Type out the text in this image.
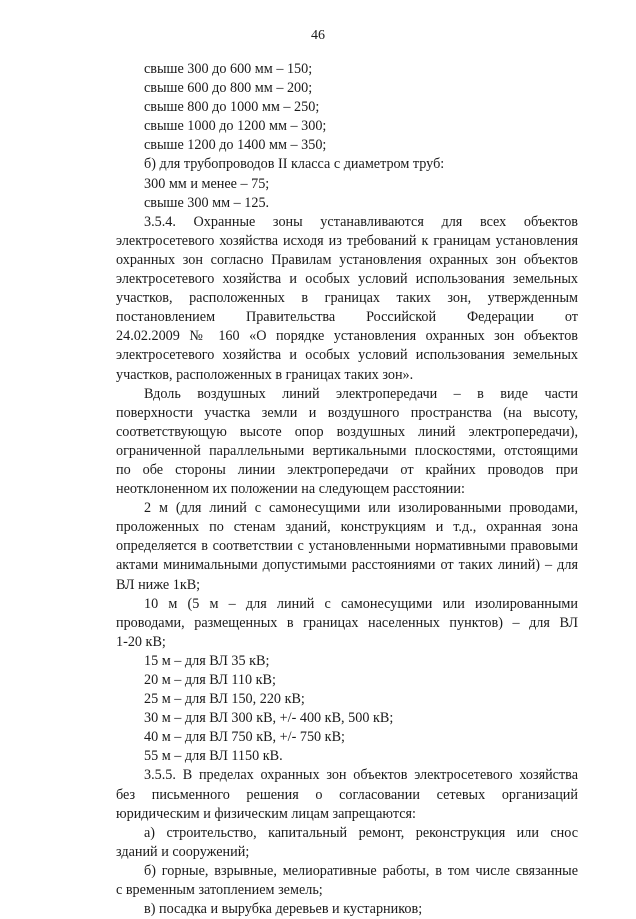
46

свыше 300 до 600 мм – 150;

свыше 600 до 800 мм – 200;

свыше 800 до 1000 мм – 250;

свыше 1000 до 1200 мм – 300;

свыше 1200 до 1400 мм – 350;

б) для трубопроводов II класса с диаметром труб:

300 мм и менее – 75;

свыше 300 мм – 125.

3.5.4. Охранные зоны устанавливаются для всех объектов

электросетевого хозяйства исходя из требований к границам установления

охранных зон согласно Правилам установления охранных зон объектов

электросетевого хозяйства и особых условий использования земельных

участков, расположенных в границах таких зон, утвержденным

постановлением Правительства Российской Федерации от

24.02.2009 № 160 «О порядке установления охранных зон объектов

электросетевого хозяйства и особых условий использования земельных

участков, расположенных в границах таких зон».

Вдоль воздушных линий электропередачи – в виде части

поверхности участка земли и воздушного пространства (на высоту,

соответствующую высоте опор воздушных линий электропередачи),

ограниченной параллельными вертикальными плоскостями, отстоящими

по обе стороны линии электропередачи от крайних проводов при

неотклоненном их положении на следующем расстоянии:

2 м (для линий с самонесущими или изолированными проводами,

проложенных по стенам зданий, конструкциям и т.д., охранная зона

определяется в соответствии с установленными нормативными правовыми

актами минимальными допустимыми расстояниями от таких линий) – для

ВЛ ниже 1кВ;

10 м (5 м – для линий с самонесущими или изолированными

проводами, размещенных в границах населенных пунктов) – для ВЛ

1-20 кВ;

15 м – для ВЛ 35 кВ;

20 м – для ВЛ 110 кВ;

25 м – для ВЛ 150, 220 кВ;

30 м – для ВЛ 300 кВ, +/- 400 кВ, 500 кВ;

40 м – для ВЛ 750 кВ, +/- 750 кВ;

55 м – для ВЛ 1150 кВ.

3.5.5. В пределах охранных зон объектов электросетевого хозяйства

без письменного решения о согласовании сетевых организаций

юридическим и физическим лицам запрещаются:

а) строительство, капитальный ремонт, реконструкция или снос

зданий и сооружений;

б) горные, взрывные, мелиоративные работы, в том числе связанные

с временным затоплением земель;

в) посадка и вырубка деревьев и кустарников;
